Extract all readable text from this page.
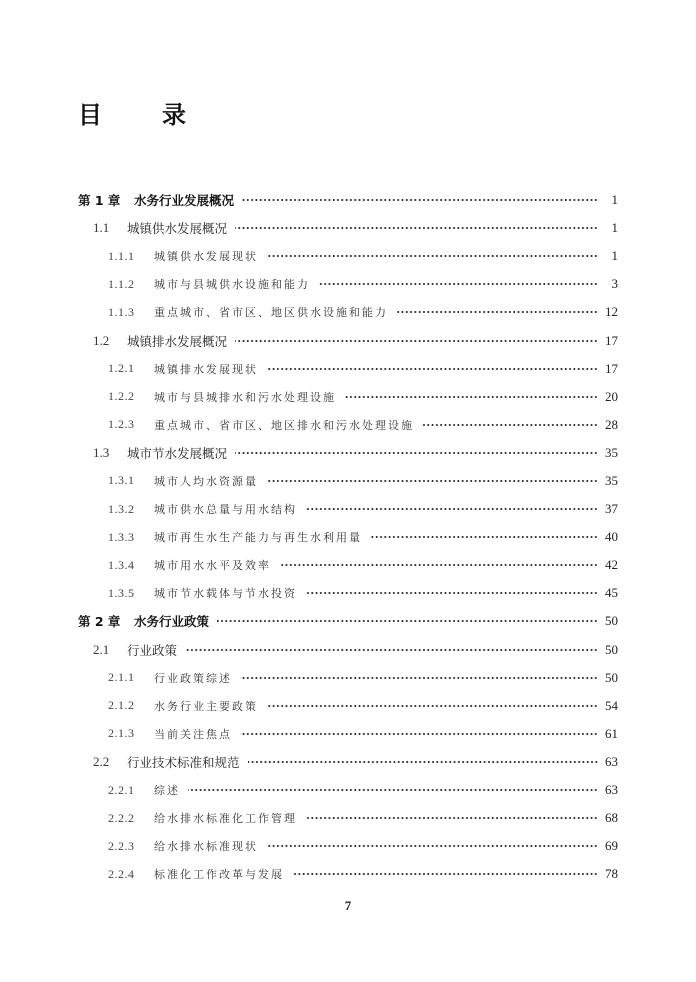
目　录
第 1 章	水务行业发展概况	1
1.1	城镇供水发展概况	1
1.1.1	城镇供水发展现状	1
1.1.2	城市与县城供水设施和能力	3
1.1.3	重点城市、省市区、地区供水设施和能力	12
1.2	城镇排水发展概况	17
1.2.1	城镇排水发展现状	17
1.2.2	城市与县城排水和污水处理设施	20
1.2.3	重点城市、省市区、地区排水和污水处理设施	28
1.3	城市节水发展概况	35
1.3.1	城市人均水资源量	35
1.3.2	城市供水总量与用水结构	37
1.3.3	城市再生水生产能力与再生水利用量	40
1.3.4	城市用水水平及效率	42
1.3.5	城市节水载体与节水投资	45
第 2 章	水务行业政策	50
2.1	行业政策	50
2.1.1	行业政策综述	50
2.1.2	水务行业主要政策	54
2.1.3	当前关注焦点	61
2.2	行业技术标准和规范	63
2.2.1	综述	63
2.2.2	给水排水标准化工作管理	68
2.2.3	给水排水标准现状	69
2.2.4	标准化工作改革与发展	78
7
